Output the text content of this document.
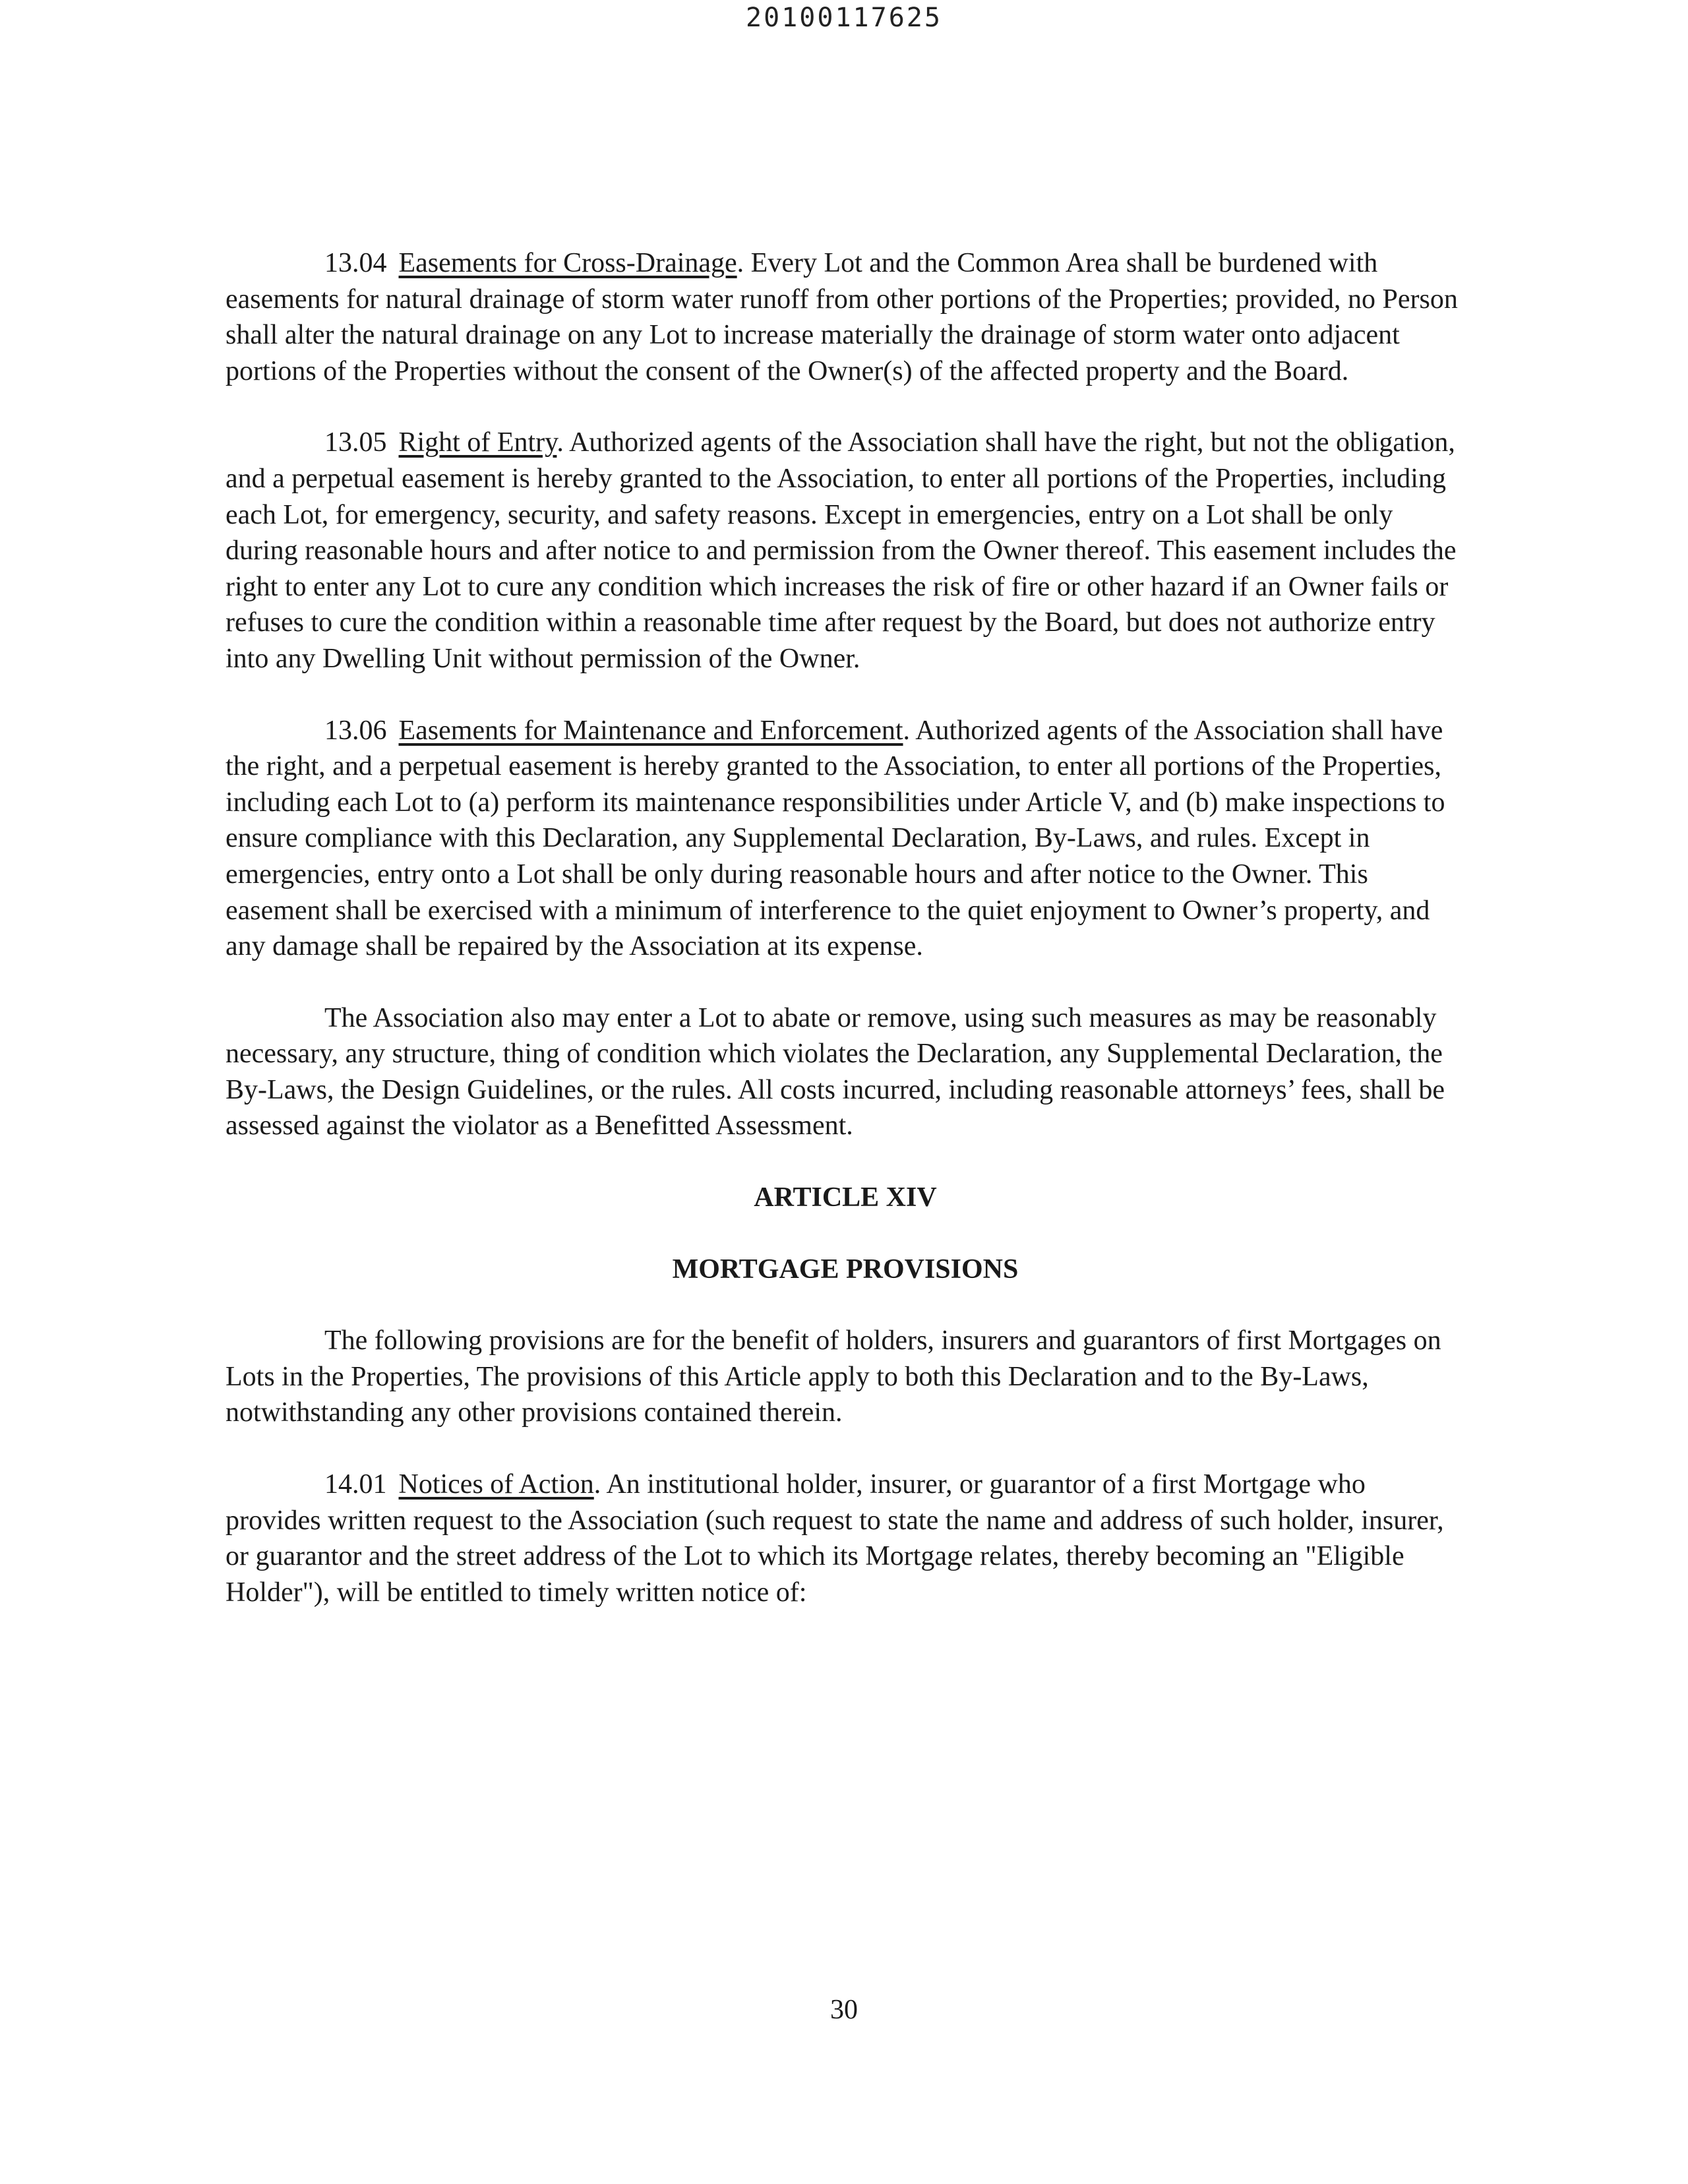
20100117625

13.04 Easements for Cross-Drainage. Every Lot and the Common Area shall be burdened with easements for natural drainage of storm water runoff from other portions of the Properties; provided, no Person shall alter the natural drainage on any Lot to increase materially the drainage of storm water onto adjacent portions of the Properties without the consent of the Owner(s) of the affected property and the Board.

13.05 Right of Entry. Authorized agents of the Association shall have the right, but not the obligation, and a perpetual easement is hereby granted to the Association, to enter all portions of the Properties, including each Lot, for emergency, security, and safety reasons. Except in emergencies, entry on a Lot shall be only during reasonable hours and after notice to and permission from the Owner thereof. This easement includes the right to enter any Lot to cure any condition which increases the risk of fire or other hazard if an Owner fails or refuses to cure the condition within a reasonable time after request by the Board, but does not authorize entry into any Dwelling Unit without permission of the Owner.

13.06 Easements for Maintenance and Enforcement. Authorized agents of the Association shall have the right, and a perpetual easement is hereby granted to the Association, to enter all portions of the Properties, including each Lot to (a) perform its maintenance responsibilities under Article V, and (b) make inspections to ensure compliance with this Declaration, any Supplemental Declaration, By-Laws, and rules. Except in emergencies, entry onto a Lot shall be only during reasonable hours and after notice to the Owner. This easement shall be exercised with a minimum of interference to the quiet enjoyment to Owner’s property, and any damage shall be repaired by the Association at its expense.

The Association also may enter a Lot to abate or remove, using such measures as may be reasonably necessary, any structure, thing of condition which violates the Declaration, any Supplemental Declaration, the By-Laws, the Design Guidelines, or the rules. All costs incurred, including reasonable attorneys’ fees, shall be assessed against the violator as a Benefitted Assessment.

ARTICLE XIV

MORTGAGE PROVISIONS

The following provisions are for the benefit of holders, insurers and guarantors of first Mortgages on Lots in the Properties, The provisions of this Article apply to both this Declaration and to the By-Laws, notwithstanding any other provisions contained therein.

14.01 Notices of Action. An institutional holder, insurer, or guarantor of a first Mortgage who provides written request to the Association (such request to state the name and address of such holder, insurer, or guarantor and the street address of the Lot to which its Mortgage relates, thereby becoming an "Eligible Holder"), will be entitled to timely written notice of:

30
